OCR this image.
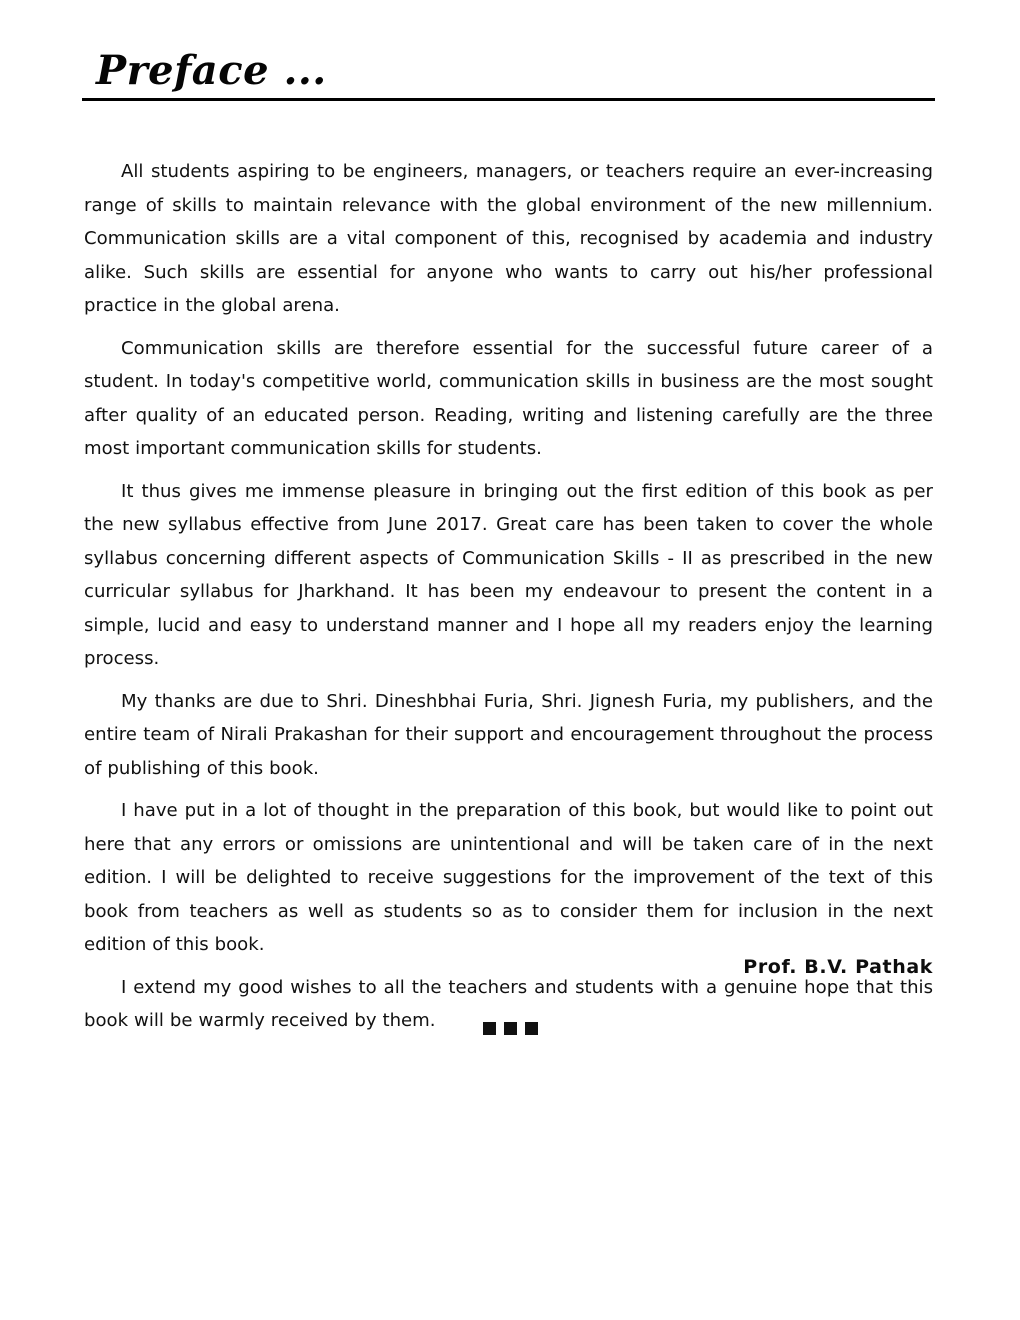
Preface ...

All students aspiring to be engineers, managers, or teachers require an ever-increasing range of skills to maintain relevance with the global environment of the new millennium. Communication skills are a vital component of this, recognised by academia and industry alike. Such skills are essential for anyone who wants to carry out his/her professional practice in the global arena.

Communication skills are therefore essential for the successful future career of a student. In today's competitive world, communication skills in business are the most sought after quality of an educated person. Reading, writing and listening carefully are the three most important communication skills for students.

It thus gives me immense pleasure in bringing out the first edition of this book as per the new syllabus effective from June 2017. Great care has been taken to cover the whole syllabus concerning different aspects of Communication Skills - II as prescribed in the new curricular syllabus for Jharkhand. It has been my endeavour to present the content in a simple, lucid and easy to understand manner and I hope all my readers enjoy the learning process.

My thanks are due to Shri. Dineshbhai Furia, Shri. Jignesh Furia, my publishers, and the entire team of Nirali Prakashan for their support and encouragement throughout the process of publishing of this book.

I have put in a lot of thought in the preparation of this book, but would like to point out here that any errors or omissions are unintentional and will be taken care of in the next edition. I will be delighted to receive suggestions for the improvement of the text of this book from teachers as well as students so as to consider them for inclusion in the next edition of this book.

I extend my good wishes to all the teachers and students with a genuine hope that this book will be warmly received by them.

Prof. B.V. Pathak
